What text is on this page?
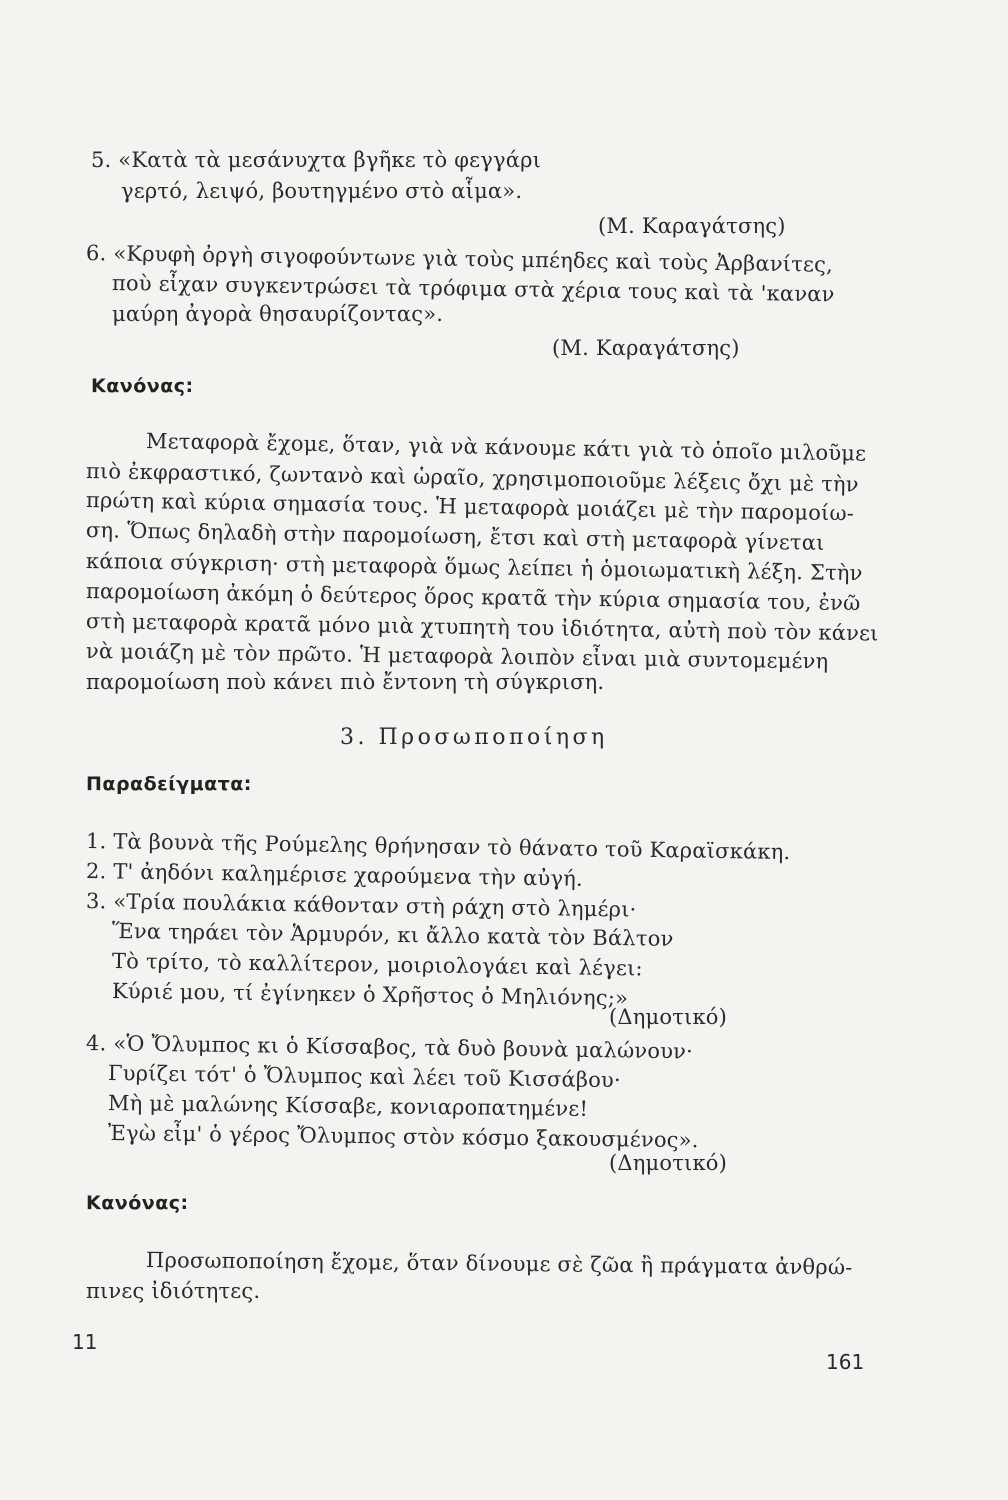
5. «Κατὰ τὰ μεσάνυχτα βγῆκε τὸ φεγγάρι
γερτό, λειψό, βουτηγμένο στὸ αἷμα».
(Μ. Καραγάτσης)
6. «Κρυφὴ ὀργὴ σιγοφούντωνε γιὰ τοὺς μπέηδες καὶ τοὺς Ἀρβανίτες,
ποὺ εἶχαν συγκεντρώσει τὰ τρόφιμα στὰ χέρια τους καὶ τὰ 'καναν
μαύρη ἀγορὰ θησαυρίζοντας».
(Μ. Καραγάτσης)
Κανόνας:
Μεταφορὰ ἔχομε, ὅταν, γιὰ νὰ κάνουμε κάτι γιὰ τὸ ὁποῖο μιλοῦμε
πιὸ ἐκφραστικό, ζωντανὸ καὶ ὡραῖο, χρησιμοποιοῦμε λέξεις ὄχι μὲ τὴν
πρώτη καὶ κύρια σημασία τους. Ἡ μεταφορὰ μοιάζει μὲ τὴν παρομοίω-
ση. Ὅπως δηλαδὴ στὴν παρομοίωση, ἔτσι καὶ στὴ μεταφορὰ γίνεται
κάποια σύγκριση· στὴ μεταφορὰ ὅμως λείπει ἡ ὁμοιωματικὴ λέξη. Στὴν
παρομοίωση ἀκόμη ὁ δεύτερος ὅρος κρατᾶ τὴν κύρια σημασία του, ἐνῶ
στὴ μεταφορὰ κρατᾶ μόνο μιὰ χτυπητὴ του ἰδιότητα, αὐτὴ ποὺ τὸν κάνει
νὰ μοιάζη μὲ τὸν πρῶτο. Ἡ μεταφορὰ λοιπὸν εἶναι μιὰ συντομεμένη
παρομοίωση ποὺ κάνει πιὸ ἔντονη τὴ σύγκριση.
3. Προσωποποίηση
Παραδείγματα:
1. Τὰ βουνὰ τῆς Ρούμελης θρήνησαν τὸ θάνατο τοῦ Καραϊσκάκη.
2. Τ' ἀηδόνι καλημέρισε χαρούμενα τὴν αὐγή.
3. «Τρία πουλάκια κάθονταν στὴ ράχη στὸ λημέρι·
Ἕνα τηράει τὸν Ἁρμυρόν, κι ἄλλο κατὰ τὸν Βάλτον
Τὸ τρίτο, τὸ καλλίτερον, μοιριολογάει καὶ λέγει:
Κύριέ μου, τί ἐγίνηκεν ὁ Χρῆστος ὁ Μηλιόνης;»
(Δημοτικό)
4. «Ὁ Ὄλυμπος κι ὁ Κίσσαβος, τὰ δυὸ βουνὰ μαλώνουν·
Γυρίζει τότ' ὁ Ὄλυμπος καὶ λέει τοῦ Κισσάβου·
Μὴ μὲ μαλώνης Κίσσαβε, κονιαροπατημένε!
Ἐγὼ εἶμ' ὁ γέρος Ὄλυμπος στὸν κόσμο ξακουσμένος».
(Δημοτικό)
Κανόνας:
Προσωποποίηση ἔχομε, ὅταν δίνουμε σὲ ζῶα ἢ πράγματα ἀνθρώ-
πινες ἰδιότητες.
11
161
